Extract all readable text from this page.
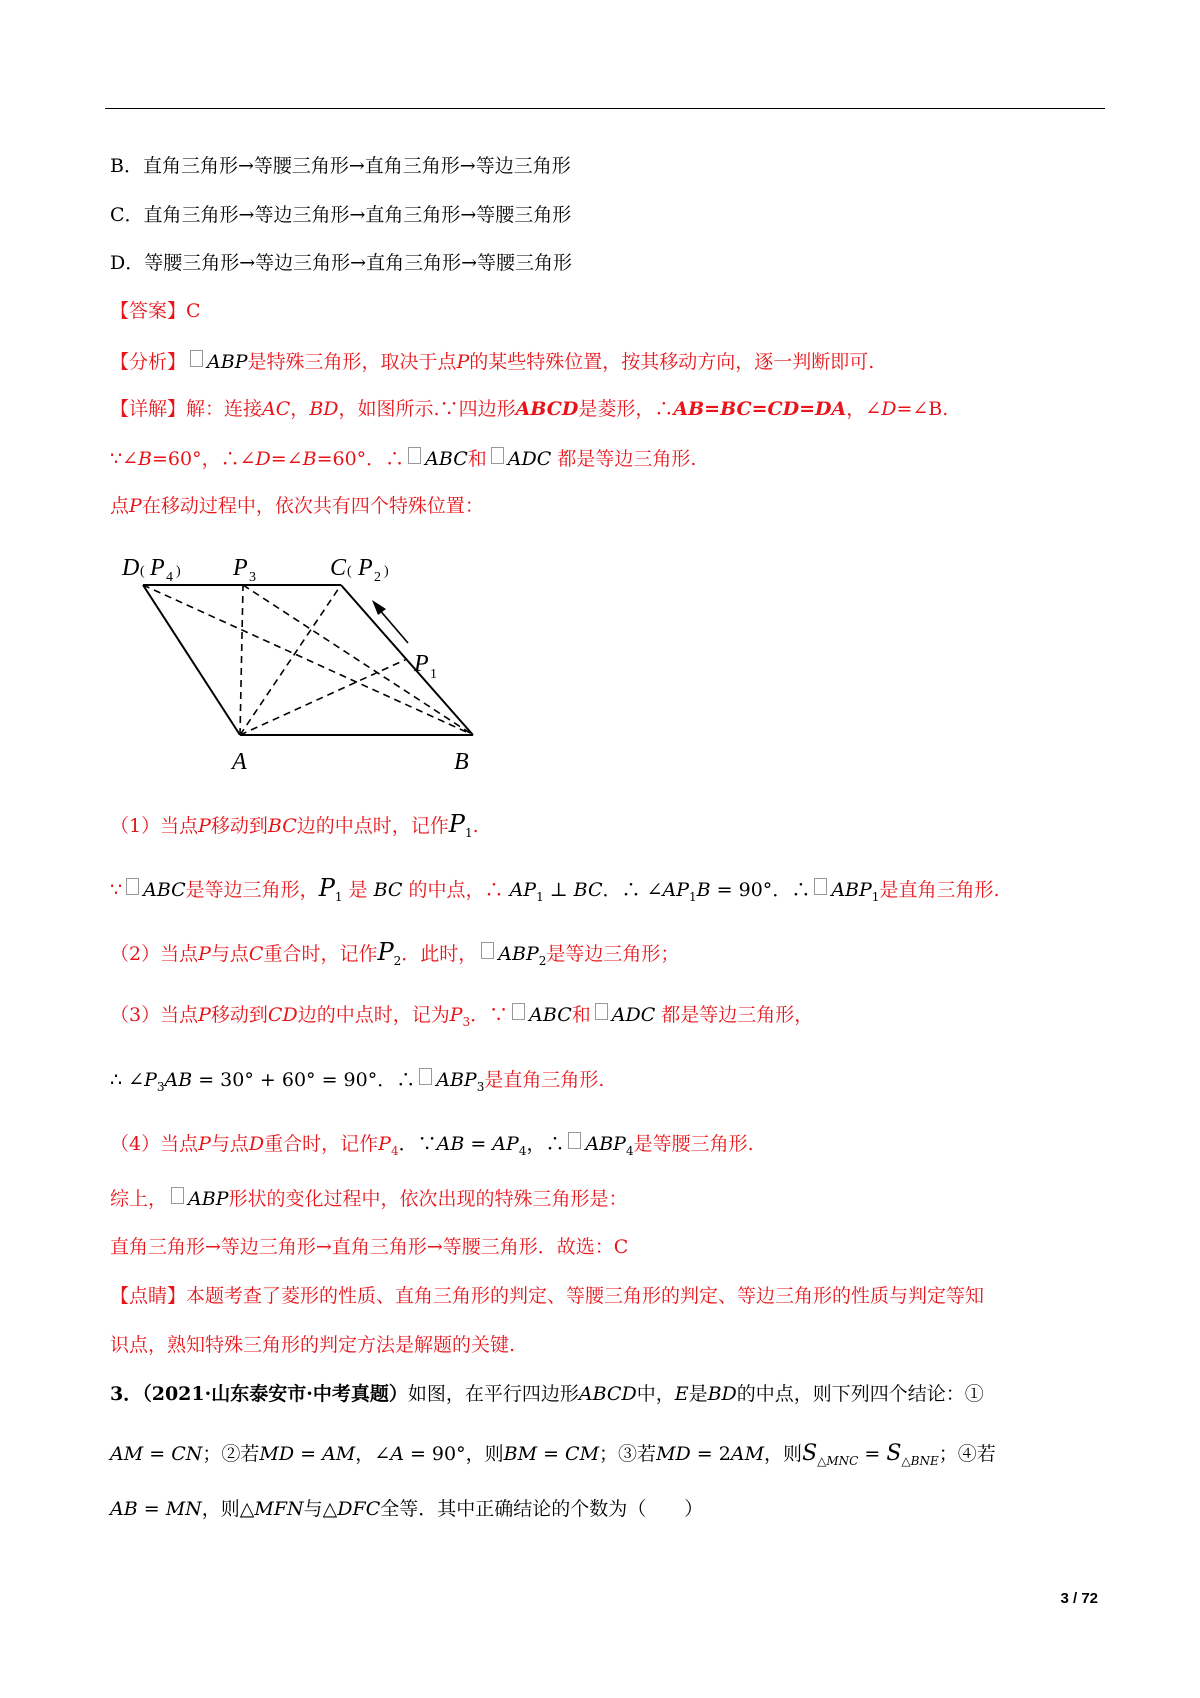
B．直角三角形→等腰三角形→直角三角形→等边三角形
C．直角三角形→等边三角形→直角三角形→等腰三角形
D．等腰三角形→等边三角形→直角三角形→等腰三角形
【答案】C
【分析】 ABP是特殊三角形，取决于点P的某些特殊位置，按其移动方向，逐一判断即可.
【详解】解：连接AC，BD，如图所示.∵四边形ABCD是菱形，∴AB=BC=CD=DA，∠D=∠B.
∵∠B=60°，∴∠D=∠B=60°．∴ ABC和 ADC 都是等边三角形.
点P在移动过程中，依次共有四个特殊位置：
D ( P 4 ) P 3	C ( P 2 )
P 1
A	B
（1）当点P移动到BC边的中点时，记作$P_1$.
∵ ABC是等边三角形，$P_1$ 是 BC 的中点，∴ $AP_1$ ⊥ BC．∴ $\angle AP_1B = 90^\circ$．∴ $ABP_1$是直角三角形.
（2）当点P与点C重合时，记作$P_2$．此时， $ABP_2$是等边三角形；
（3）当点P移动到CD边的中点时，记为$P_3$．∵ ABC和 ADC 都是等边三角形，
∴ $\angle P_3AB = 30^\circ + 60^\circ = 90^\circ$．∴ $ABP_3$是直角三角形.
（4）当点P与点D重合时，记作$P_4$．∵AB = $AP_4$，∴ $ABP_4$是等腰三角形.
综上， ABP形状的变化过程中，依次出现的特殊三角形是：
直角三角形→等边三角形→直角三角形→等腰三角形．故选：C
【点睛】本题考查了菱形的性质、直角三角形的判定、等腰三角形的判定、等边三角形的性质与判定等知
识点，熟知特殊三角形的判定方法是解题的关键.
3．（2021·山东泰安市·中考真题）如图，在平行四边形ABCD中，E是BD的中点，则下列四个结论：①
AM = CN；②若MD = AM，∠A = 90°，则BM = CM；③若MD = 2AM，则$S_{\triangle MNC} = S_{\triangle BNE}$；④若
AB = MN，则△MFN与△DFC全等．其中正确结论的个数为（　　）
3 / 72
